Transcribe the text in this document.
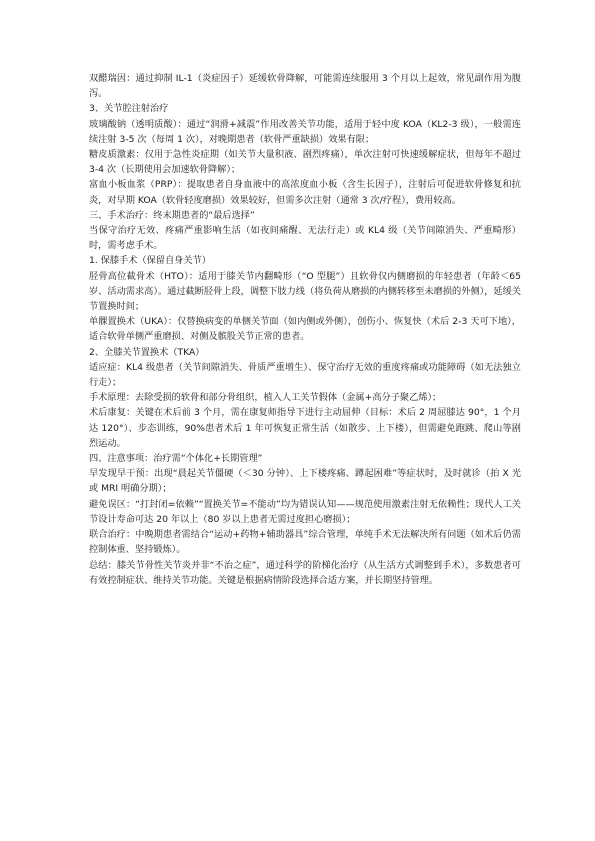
双醋瑞因：通过抑制 IL-1（炎症因子）延缓软骨降解，可能需连续服用 3 个月以上起效，常见副作用为腹泻。

3、关节腔注射治疗

玻璃酸钠（透明质酸）：通过“润滑+减震”作用改善关节功能，适用于轻中度 KOA（KL2-3 级），一般需连续注射 3-5 次（每周 1 次），对晚期患者（软骨严重缺损）效果有限；

糖皮质激素：仅用于急性炎症期（如关节大量积液、剧烈疼痛），单次注射可快速缓解症状，但每年不超过 3-4 次（长期使用会加速软骨降解）；

富血小板血浆（PRP）：提取患者自身血液中的高浓度血小板（含生长因子），注射后可促进软骨修复和抗炎，对早期 KOA（软骨轻度磨损）效果较好，但需多次注射（通常 3 次/疗程），费用较高。

三、手术治疗：终末期患者的“最后选择”

当保守治疗无效、疼痛严重影响生活（如夜间痛醒、无法行走）或 KL4 级（关节间隙消失、严重畸形）时，需考虑手术。

1. 保膝手术（保留自身关节）

胫骨高位截骨术（HTO）：适用于膝关节内翻畸形（“O 型腿”）且软骨仅内侧磨损的年轻患者（年龄＜65 岁、活动需求高）。通过截断胫骨上段，调整下肢力线（将负荷从磨损的内侧转移至未磨损的外侧），延缓关节置换时间；

单髁置换术（UKA）：仅替换病变的单侧关节面（如内侧或外侧），创伤小、恢复快（术后 2-3 天可下地），适合软骨单侧严重磨损、对侧及髌股关节正常的患者。

2、全膝关节置换术（TKA）

适应症：KL4 级患者（关节间隙消失、骨质严重增生）、保守治疗无效的重度疼痛或功能障碍（如无法独立行走）；

手术原理：去除受损的软骨和部分骨组织，植入人工关节假体（金属+高分子聚乙烯）；

术后康复：关键在术后前 3 个月，需在康复师指导下进行主动屈伸（目标：术后 2 周屈膝达 90°，1 个月达 120°）、步态训练，90%患者术后 1 年可恢复正常生活（如散步、上下楼），但需避免跑跳、爬山等剧烈运动。

四、注意事项：治疗需“个体化+长期管理”

早发现早干预：出现“晨起关节僵硬（＜30 分钟）、上下楼疼痛、蹲起困难”等症状时，及时就诊（拍 X 光或 MRI 明确分期）；

避免误区：“打封闭=依赖”“置换关节=不能动”均为错误认知——规范使用激素注射无依赖性；现代人工关节设计寿命可达 20 年以上（80 岁以上患者无需过度担心磨损）；

联合治疗：中晚期患者需结合“运动+药物+辅助器具”综合管理，单纯手术无法解决所有问题（如术后仍需控制体重、坚持锻炼）。

总结：膝关节骨性关节炎并非“不治之症”，通过科学的阶梯化治疗（从生活方式调整到手术），多数患者可有效控制症状、维持关节功能。关键是根据病情阶段选择合适方案，并长期坚持管理。
